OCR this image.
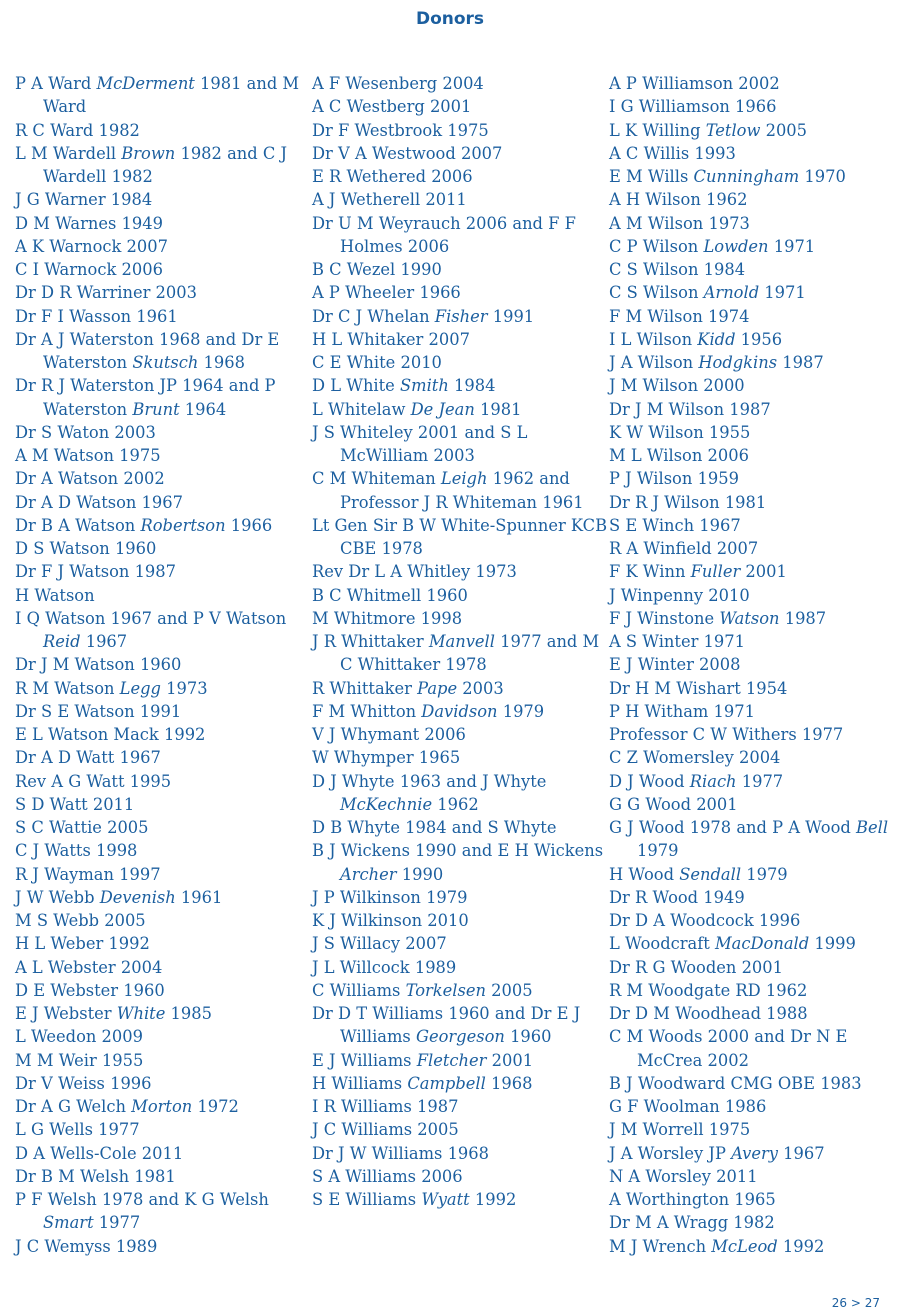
Donors
P A Ward McDerment 1981 and M Ward
R C Ward 1982
L M Wardell Brown 1982 and C J Wardell 1982
J G Warner 1984
D M Warnes 1949
A K Warnock 2007
C I Warnock 2006
Dr D R Warriner 2003
Dr F I Wasson 1961
Dr A J Waterston 1968 and Dr E Waterston Skutsch 1968
Dr R J Waterston JP 1964 and P Waterston Brunt 1964
Dr S Waton 2003
A M Watson 1975
Dr A Watson 2002
Dr A D Watson 1967
Dr B A Watson Robertson 1966
D S Watson 1960
Dr F J Watson 1987
H Watson
I Q Watson 1967 and P V Watson Reid 1967
Dr J M Watson 1960
R M Watson Legg 1973
Dr S E Watson 1991
E L Watson Mack 1992
Dr A D Watt 1967
Rev A G Watt 1995
S D Watt 2011
S C Wattie 2005
C J Watts 1998
R J Wayman 1997
J W Webb Devenish 1961
M S Webb 2005
H L Weber 1992
A L Webster 2004
D E Webster 1960
E J Webster White 1985
L Weedon 2009
M M Weir 1955
Dr V Weiss 1996
Dr A G Welch Morton 1972
L G Wells 1977
D A Wells-Cole 2011
Dr B M Welsh 1981
P F Welsh 1978 and K G Welsh Smart 1977
J C Wemyss 1989
A F Wesenberg 2004
A C Westberg 2001
Dr F Westbrook 1975
Dr V A Westwood 2007
E R Wethered 2006
A J Wetherell 2011
Dr U M Weyrauch 2006 and F F Holmes 2006
B C Wezel 1990
A P Wheeler 1966
Dr C J Whelan Fisher 1991
H L Whitaker 2007
C E White 2010
D L White Smith 1984
L Whitelaw De Jean 1981
J S Whiteley 2001 and S L McWilliam 2003
C M Whiteman Leigh 1962 and Professor J R Whiteman 1961
Lt Gen Sir B W White-Spunner KCB CBE 1978
Rev Dr L A Whitley 1973
B C Whitmell 1960
M Whitmore 1998
J R Whittaker Manvell 1977 and M C Whittaker 1978
R Whittaker Pape 2003
F M Whitton Davidson 1979
V J Whymant 2006
W Whymper 1965
D J Whyte 1963 and J Whyte McKechnie 1962
D B Whyte 1984 and S Whyte
B J Wickens 1990 and E H Wickens Archer 1990
J P Wilkinson 1979
K J Wilkinson 2010
J S Willacy 2007
J L Willcock 1989
C Williams Torkelsen 2005
Dr D T Williams 1960 and Dr E J Williams Georgeson 1960
E J Williams Fletcher 2001
H Williams Campbell 1968
I R Williams 1987
J C Williams 2005
Dr J W Williams 1968
S A Williams 2006
S E Williams Wyatt 1992
A P Williamson 2002
I G Williamson 1966
L K Willing Tetlow 2005
A C Willis 1993
E M Wills Cunningham 1970
A H Wilson 1962
A M Wilson 1973
C P Wilson Lowden 1971
C S Wilson 1984
C S Wilson Arnold 1971
F M Wilson 1974
I L Wilson Kidd 1956
J A Wilson Hodgkins 1987
J M Wilson 2000
Dr J M Wilson 1987
K W Wilson 1955
M L Wilson 2006
P J Wilson 1959
Dr R J Wilson 1981
S E Winch 1967
R A Winfield 2007
F K Winn Fuller 2001
J Winpenny 2010
F J Winstone Watson 1987
A S Winter 1971
E J Winter 2008
Dr H M Wishart 1954
P H Witham 1971
Professor C W Withers 1977
C Z Womersley 2004
D J Wood Riach 1977
G G Wood 2001
G J Wood 1978 and P A Wood Bell 1979
H Wood Sendall 1979
Dr R Wood 1949
Dr D A Woodcock 1996
L Woodcraft MacDonald 1999
Dr R G Wooden 2001
R M Woodgate RD 1962
Dr D M Woodhead 1988
C M Woods 2000 and Dr N E McCrea 2002
B J Woodward CMG OBE 1983
G F Woolman 1986
J M Worrell 1975
J A Worsley JP Avery 1967
N A Worsley 2011
A Worthington 1965
Dr M A Wragg 1982
M J Wrench McLeod 1992
26 > 27
